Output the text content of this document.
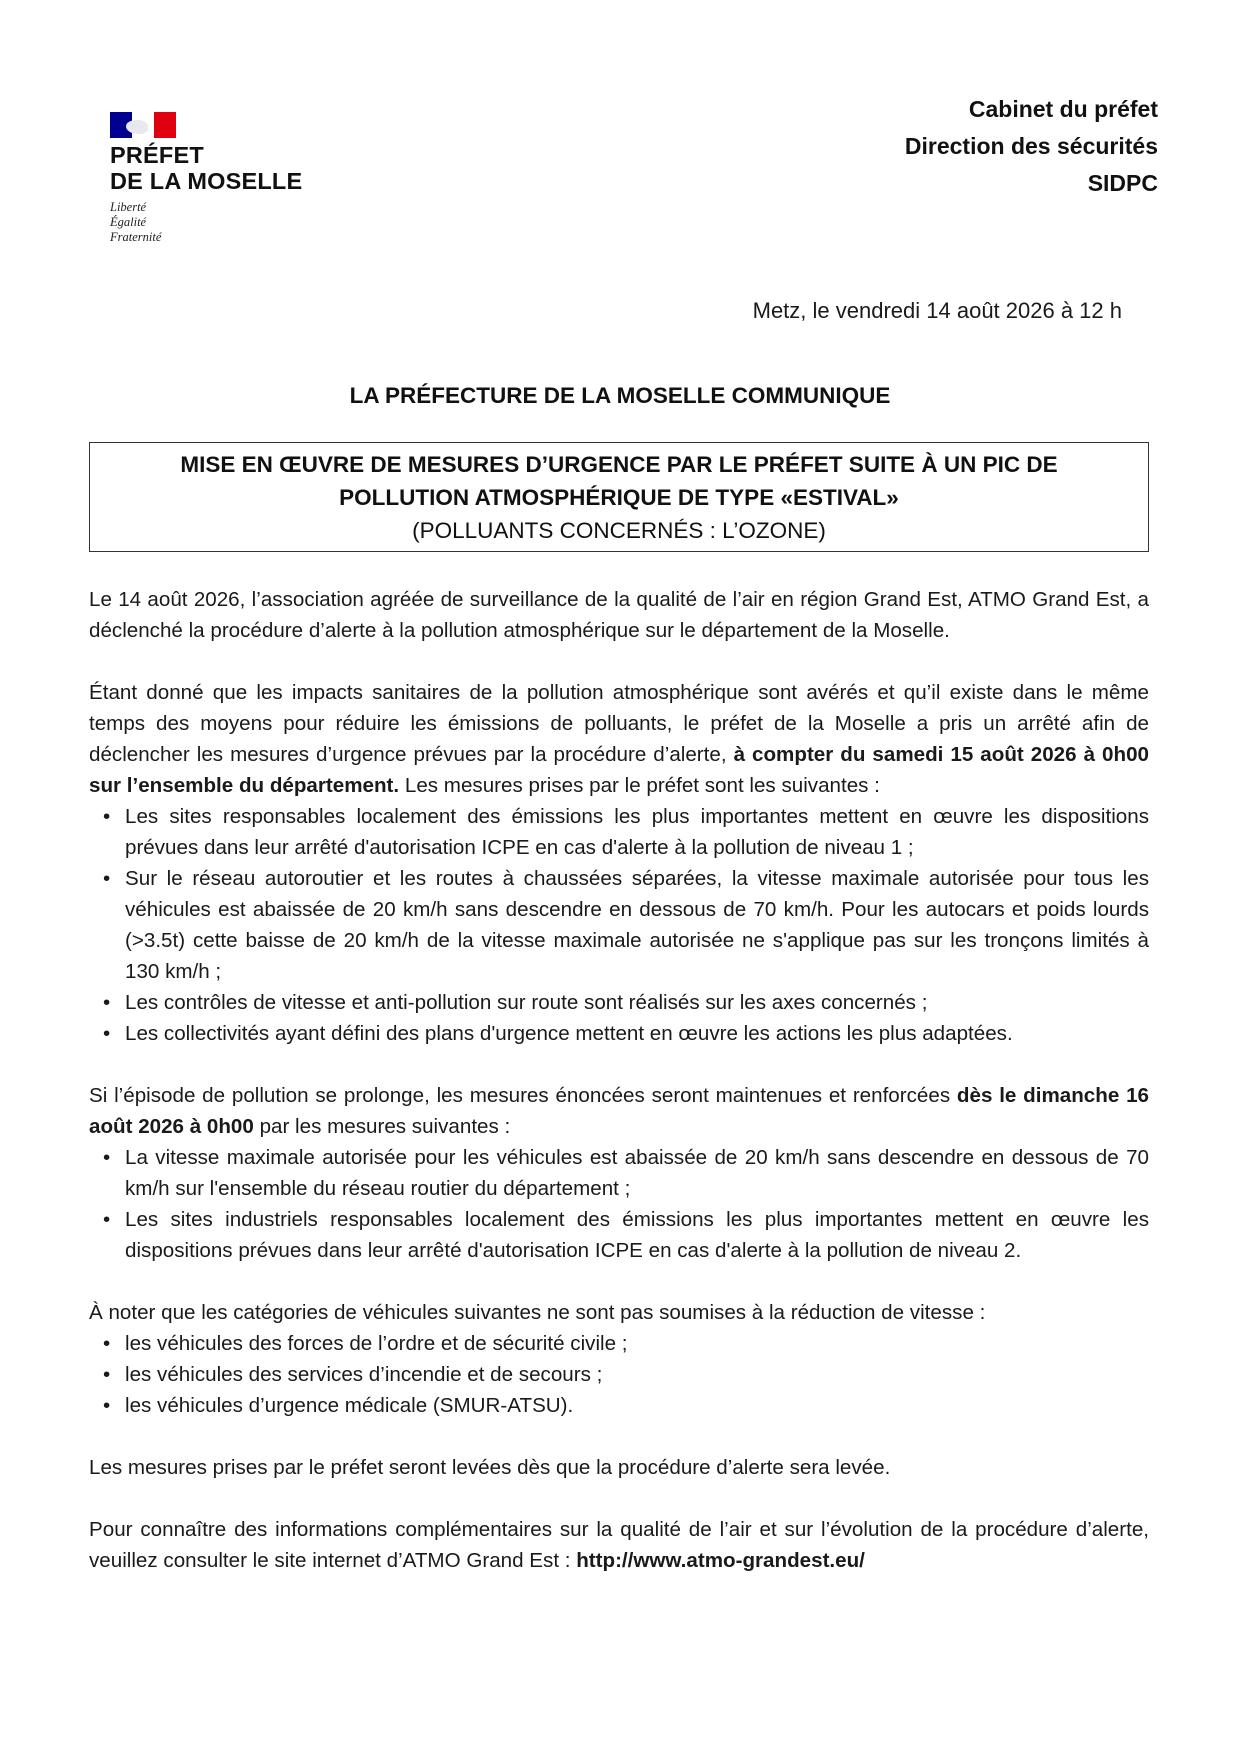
PRÉFET
DE LA MOSELLE
Liberté
Égalité
Fraternité
Cabinet du préfet
Direction des sécurités
SIDPC
Metz, le vendredi 14 août 2026 à 12 h
LA PRÉFECTURE DE LA MOSELLE COMMUNIQUE
MISE EN ŒUVRE DE MESURES D’URGENCE PAR LE PRÉFET SUITE À UN PIC DE
POLLUTION ATMOSPHÉRIQUE DE TYPE «ESTIVAL»
(POLLUANTS CONCERNÉS : L’OZONE)

Le 14 août 2026, l’association agréée de surveillance de la qualité de l’air en région Grand Est, ATMO Grand Est, a déclenché la procédure d’alerte à la pollution atmosphérique sur le département de la Moselle.

Étant donné que les impacts sanitaires de la pollution atmosphérique sont avérés et qu’il existe dans le même temps des moyens pour réduire les émissions de polluants, le préfet de la Moselle a pris un arrêté afin de déclencher les mesures d’urgence prévues par la procédure d’alerte, à compter du samedi 15 août 2026 à 0h00 sur l’ensemble du département. Les mesures prises par le préfet sont les suivantes :

• Les sites responsables localement des émissions les plus importantes mettent en œuvre les dispositions prévues dans leur arrêté d'autorisation ICPE en cas d'alerte à la pollution de niveau 1 ;
• Sur le réseau autoroutier et les routes à chaussées séparées, la vitesse maximale autorisée pour tous les véhicules est abaissée de 20 km/h sans descendre en dessous de 70 km/h. Pour les autocars et poids lourds (>3.5t) cette baisse de 20 km/h de la vitesse maximale autorisée ne s'applique pas sur les tronçons limités à 130 km/h ;
• Les contrôles de vitesse et anti-pollution sur route sont réalisés sur les axes concernés ;
• Les collectivités ayant défini des plans d'urgence mettent en œuvre les actions les plus adaptées.

Si l’épisode de pollution se prolonge, les mesures énoncées seront maintenues et renforcées dès le dimanche 16 août 2026 à 0h00 par les mesures suivantes :

• La vitesse maximale autorisée pour les véhicules est abaissée de 20 km/h sans descendre en dessous de 70 km/h sur l'ensemble du réseau routier du département ;
• Les sites industriels responsables localement des émissions les plus importantes mettent en œuvre les dispositions prévues dans leur arrêté d'autorisation ICPE en cas d'alerte à la pollution de niveau 2.

À noter que les catégories de véhicules suivantes ne sont pas soumises à la réduction de vitesse :

• les véhicules des forces de l’ordre et de sécurité civile ;
• les véhicules des services d’incendie et de secours ;
• les véhicules d’urgence médicale (SMUR-ATSU).

Les mesures prises par le préfet seront levées dès que la procédure d’alerte sera levée.

Pour connaître des informations complémentaires sur la qualité de l’air et sur l’évolution de la procédure d’alerte, veuillez consulter le site internet d’ATMO Grand Est : http://www.atmo-grandest.eu/
